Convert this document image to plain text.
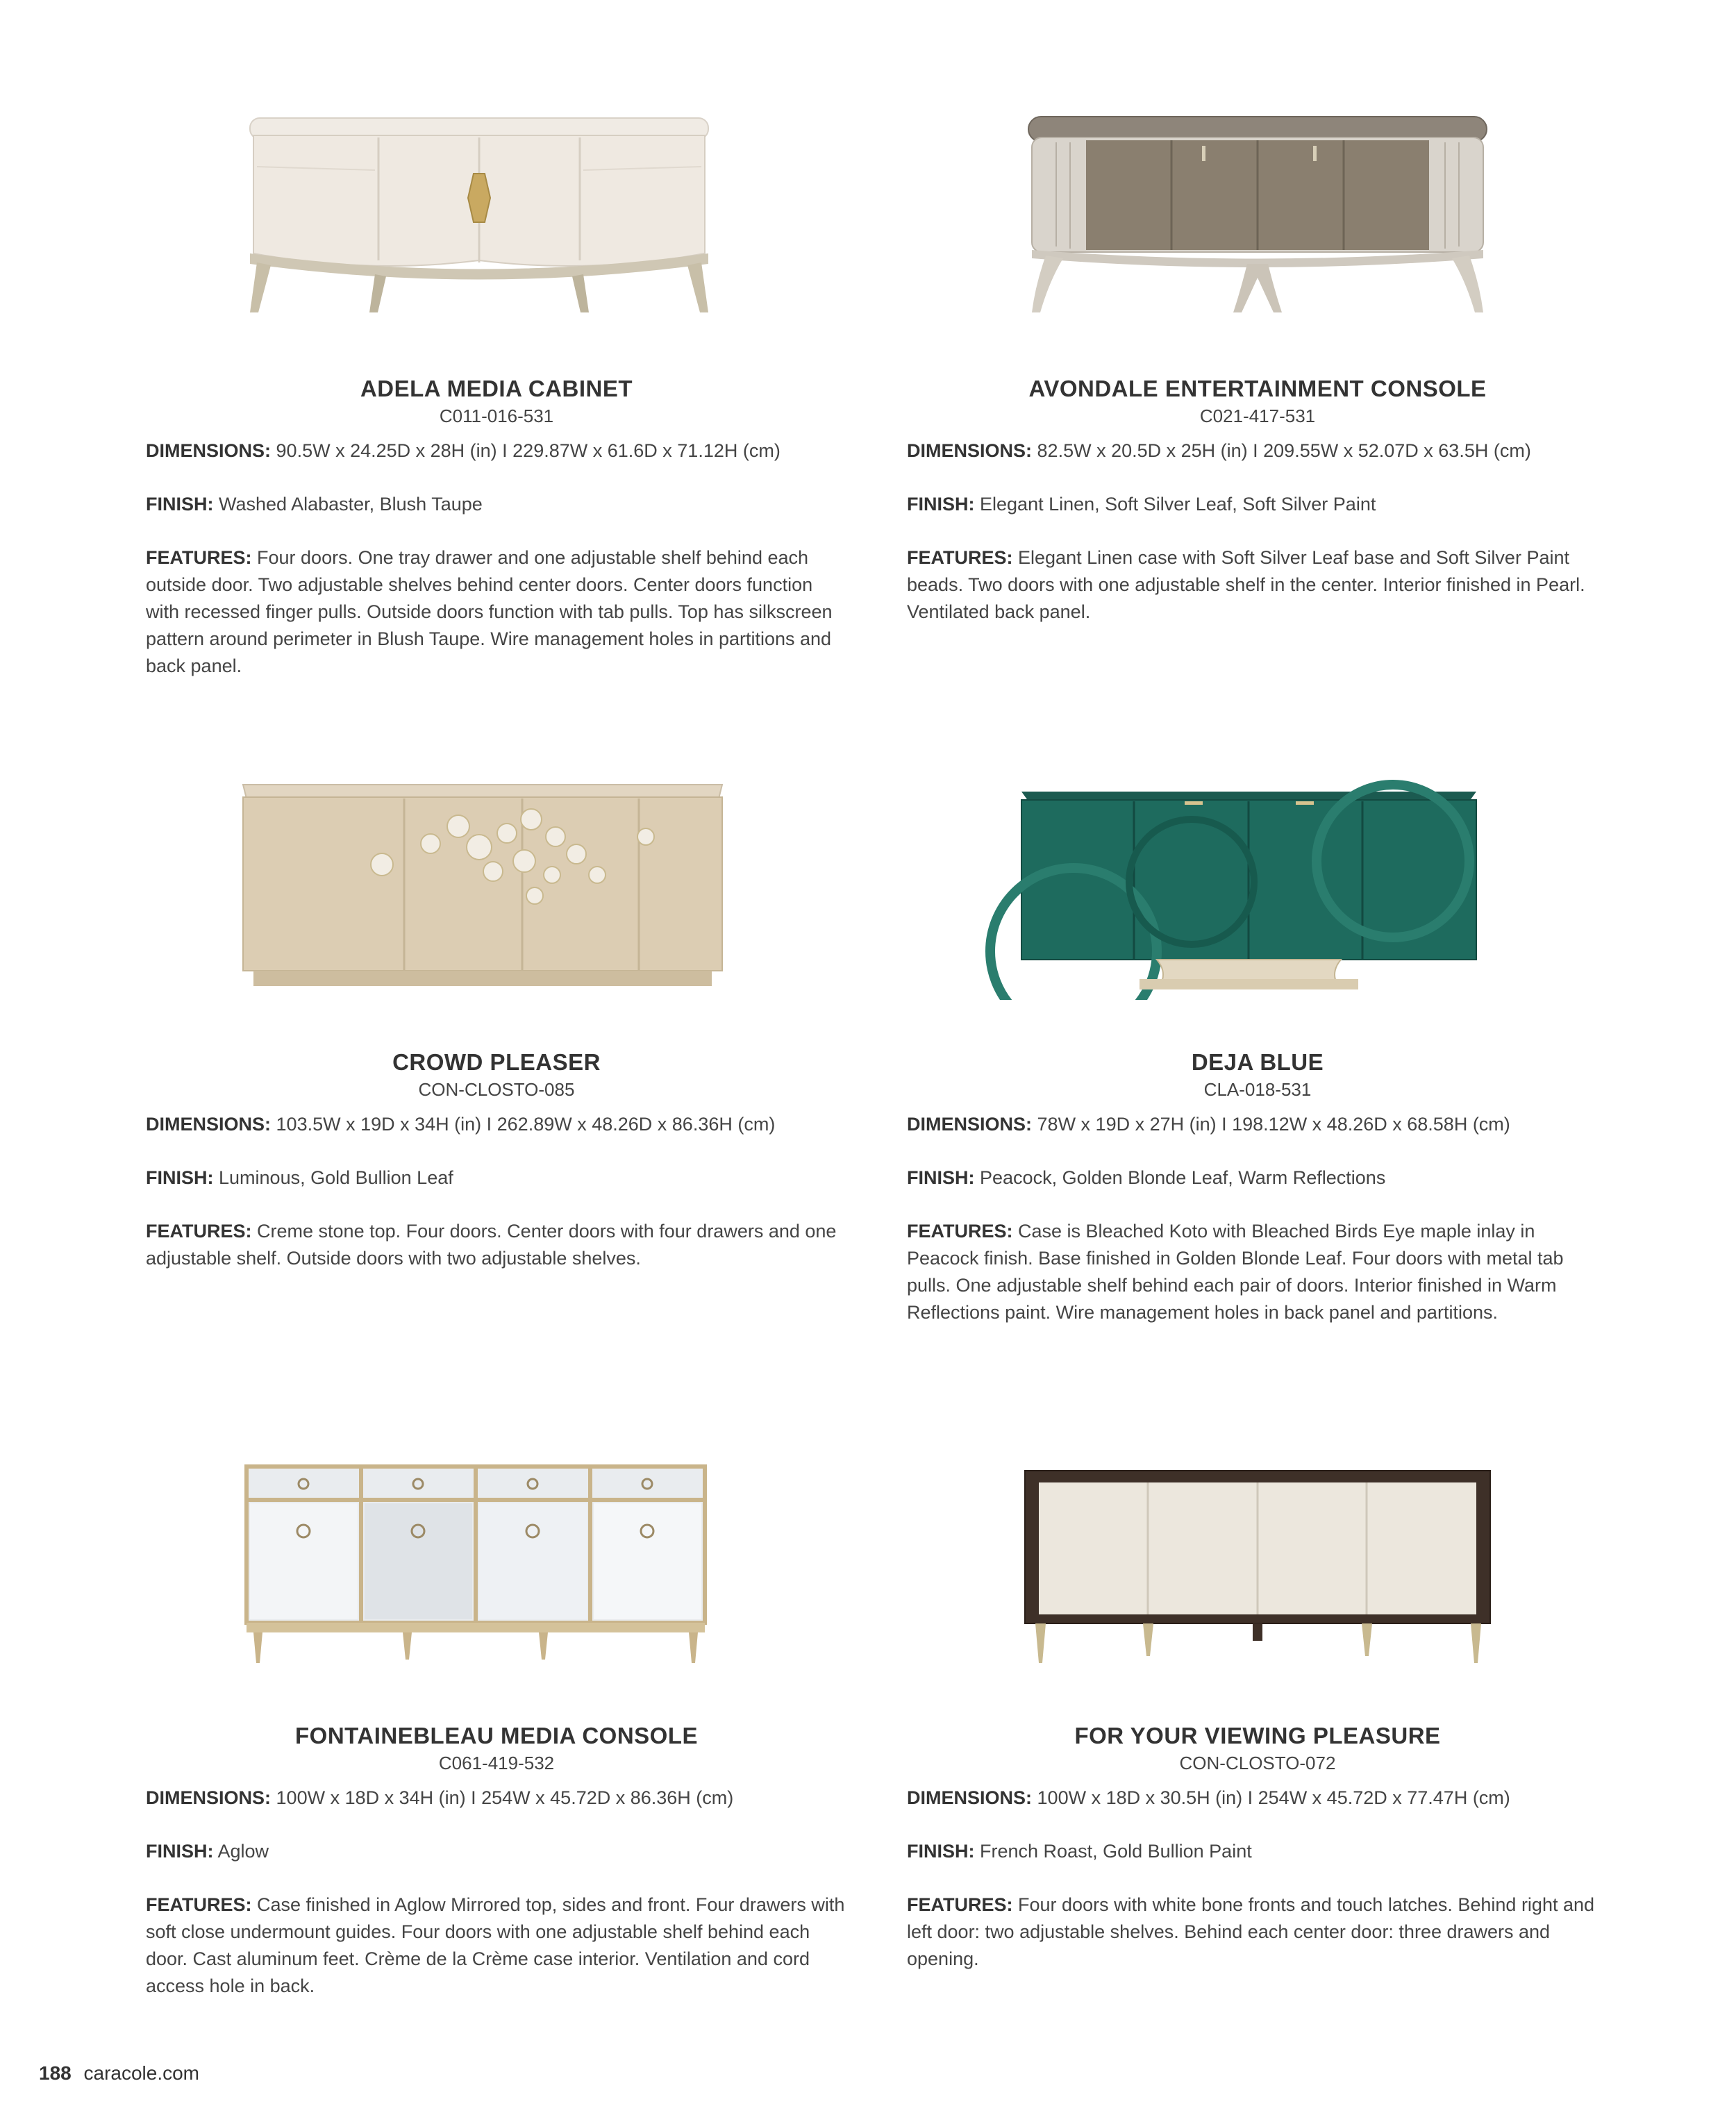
ADELA MEDIA CABINET
C011-016-531

DIMENSIONS: 90.5W x 24.25D x 28H (in) I 229.87W x 61.6D x 71.12H (cm)

FINISH: Washed Alabaster, Blush Taupe

FEATURES: Four doors. One tray drawer and one adjustable shelf behind each outside door. Two adjustable shelves behind center doors. Center doors function with recessed finger pulls. Outside doors function with tab pulls. Top has silkscreen pattern around perimeter in Blush Taupe. Wire management holes in partitions and back panel.

AVONDALE ENTERTAINMENT CONSOLE
C021-417-531

DIMENSIONS: 82.5W x 20.5D x 25H (in) I 209.55W x 52.07D x 63.5H (cm)

FINISH: Elegant Linen, Soft Silver Leaf, Soft Silver Paint

FEATURES: Elegant Linen case with Soft Silver Leaf base and Soft Silver Paint beads. Two doors with one adjustable shelf in the center. Interior finished in Pearl. Ventilated back panel.

CROWD PLEASER
CON-CLOSTO-085

DIMENSIONS: 103.5W x 19D x 34H (in) I 262.89W x 48.26D x 86.36H (cm)

FINISH: Luminous, Gold Bullion Leaf

FEATURES: Creme stone top. Four doors. Center doors with four drawers and one adjustable shelf. Outside doors with two adjustable shelves.

DEJA BLUE
CLA-018-531

DIMENSIONS: 78W x 19D x 27H (in) I 198.12W x 48.26D x 68.58H (cm)

FINISH: Peacock, Golden Blonde Leaf, Warm Reflections

FEATURES: Case is Bleached Koto with Bleached Birds Eye maple inlay in Peacock finish. Base finished in Golden Blonde Leaf. Four doors with metal tab pulls. One adjustable shelf behind each pair of doors. Interior finished in Warm Reflections paint. Wire management holes in back panel and partitions.

FONTAINEBLEAU MEDIA CONSOLE
C061-419-532

DIMENSIONS: 100W x 18D x 34H (in) I 254W x 45.72D x 86.36H (cm)

FINISH: Aglow

FEATURES: Case finished in Aglow Mirrored top, sides and front. Four drawers with soft close undermount guides. Four doors with one adjustable shelf behind each door. Cast aluminum feet. Crème de la Crème case interior. Ventilation and cord access hole in back.

FOR YOUR VIEWING PLEASURE
CON-CLOSTO-072

DIMENSIONS: 100W x 18D x 30.5H (in) I 254W x 45.72D x 77.47H (cm)

FINISH: French Roast, Gold Bullion Paint

FEATURES: Four doors with white bone fronts and touch latches. Behind right and left door: two adjustable shelves. Behind each center door: three drawers and opening.

188 caracole.com
